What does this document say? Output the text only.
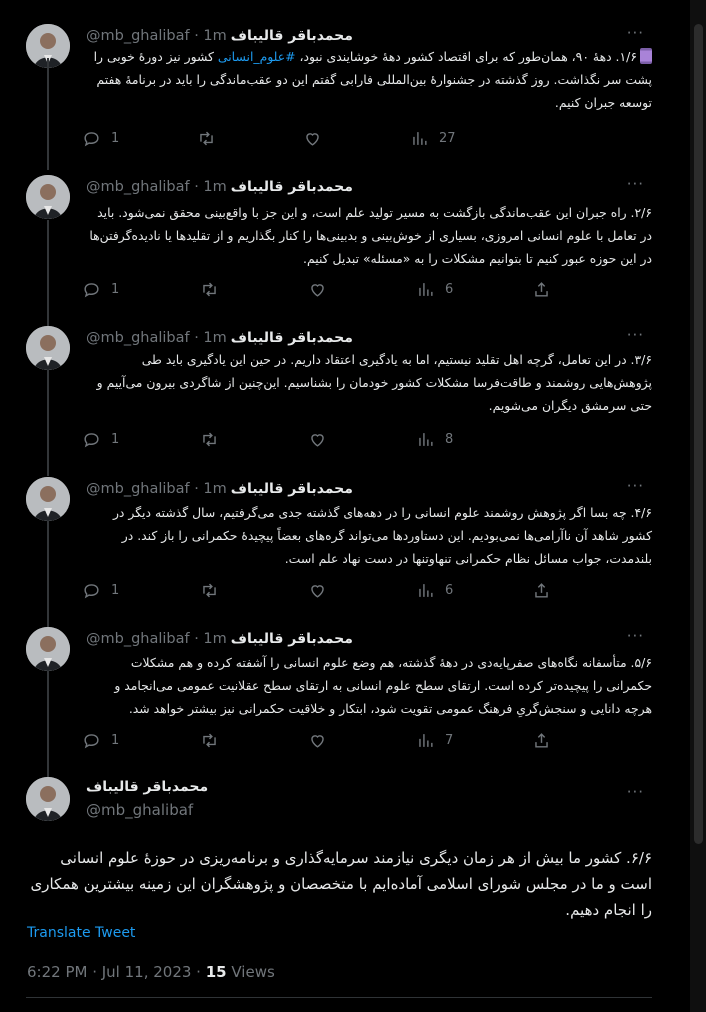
محمدباقر قالیباف
@mb_ghalibaf · 1m	···
۱/۶. دههٔ ۹۰، همان‌طور که برای اقتصاد کشور دههٔ خوشایندی نبود، #علوم_انسانی کشور نیز دورهٔ خوبی را پشت سر نگذاشت. روز گذشته در جشنوارهٔ بین‌المللی فارابی گفتم این دو عقب‌ماندگی را باید در برنامهٔ هفتم توسعه جبران کنیم.
1	27
محمدباقر قالیباف
@mb_ghalibaf · 1m	···
۲/۶. راه جبران این عقب‌ماندگی بازگشت به مسیر تولید علم است، و این جز با واقع‌بینی محقق نمی‌شود. باید در تعامل با علوم انسانی امروزی، بسیاری از خوش‌بینی و بدبینی‌ها را کنار بگذاریم و از تقلیدها یا نادیده‌گرفتن‌ها در این حوزه عبور کنیم تا بتوانیم مشکلات را به «مسئله» تبدیل کنیم.
1	6
محمدباقر قالیباف
@mb_ghalibaf · 1m	···
۳/۶. در این تعامل، گرچه اهل تقلید نیستیم، اما به یادگیری اعتقاد داریم. در حین این یادگیری باید طی پژوهش‌هایی روشمند و طاقت‌فرسا مشکلات کشور خودمان را بشناسیم. این‌چنین از شاگردی بیرون می‌آییم و حتی سرمشق دیگران می‌شویم.
1	8
محمدباقر قالیباف
@mb_ghalibaf · 1m	···
۴/۶. چه بسا اگر پژوهش روشمند علوم انسانی را در دهه‌های گذشته جدی می‌گرفتیم، سال گذشته دیگر در کشور شاهد آن ناآرامی‌ها نمی‌بودیم. این دستاوردها می‌تواند گره‌های بعضاً پیچیدهٔ حکمرانی را باز کند. در بلندمدت، جواب مسائل نظام حکمرانی تنهاوتنها در دست نهاد علم است.
1	6
محمدباقر قالیباف
@mb_ghalibaf · 1m	···
۵/۶. متأسفانه نگاه‌های صفرپایه‌دی در دههٔ گذشته، هم وضع علوم انسانی را آشفته کرده و هم مشکلات حکمرانی را پیچیده‌تر کرده است. ارتقای سطح علوم انسانی به ارتقای سطح عقلانیت عمومی می‌انجامد و هرچه دانایی و سنجش‌گریِ فرهنگ عمومی تقویت شود، ابتکار و خلاقیت حکمرانی نیز بیشتر خواهد شد.
1	7
محمدباقر قالیباف
@mb_ghalibaf
···
۶/۶. کشور ما بیش از هر زمان دیگری نیازمند سرمایه‌گذاری و برنامه‌ریزی در حوزهٔ علوم انسانی است و ما در مجلس شورای اسلامی آماده‌ایم با متخصصان و پژوهشگران این زمینه بیشترین همکاری را انجام دهیم.
Translate Tweet
6:22 PM · Jul 11, 2023 · 15 Views
